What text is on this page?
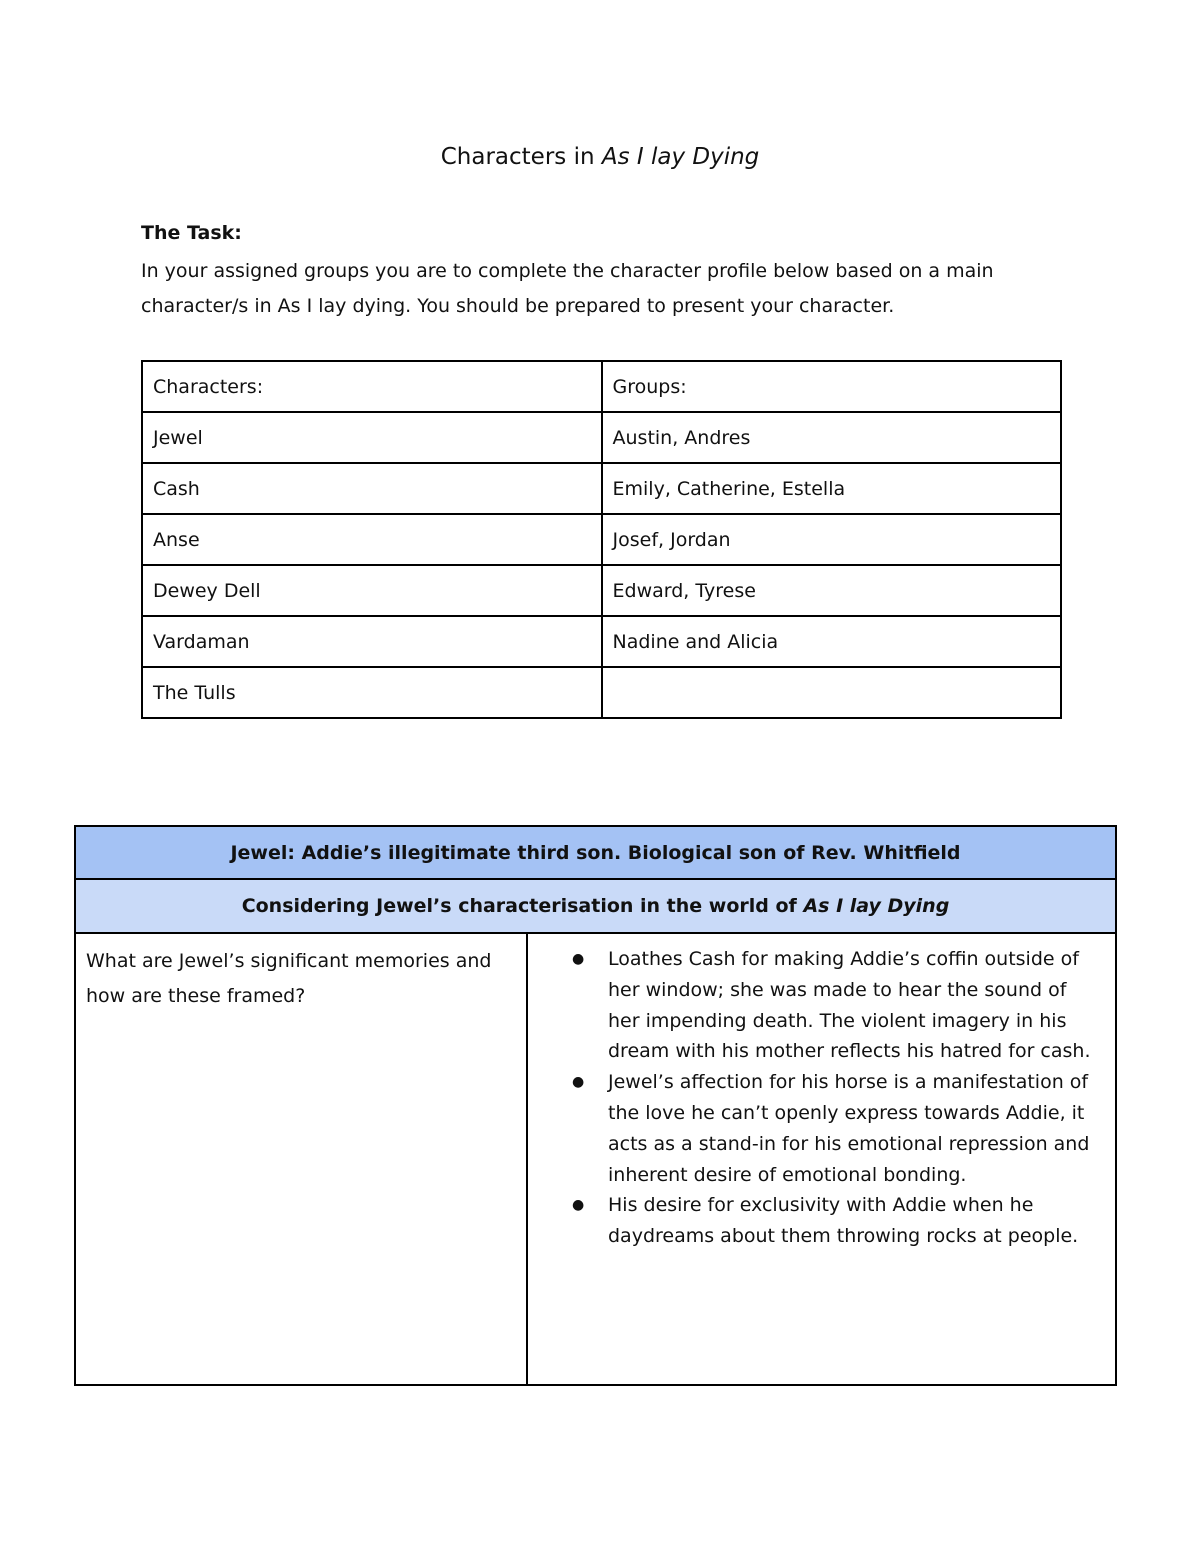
Characters in As I lay Dying
The Task:
In your assigned groups you are to complete the character profile below based on a main character/s in As I lay dying. You should be prepared to present your character.
Characters:	Groups:
Jewel	Austin, Andres
Cash	Emily, Catherine, Estella
Anse	Josef, Jordan
Dewey Dell	Edward, Tyrese
Vardaman	Nadine and Alicia
The Tulls	
Jewel: Addie’s illegitimate third son. Biological son of Rev. Whitfield
Considering Jewel’s characterisation in the world of As I lay Dying
What are Jewel’s significant memories and how are these framed?	
● Loathes Cash for making Addie’s coffin outside of her window; she was made to hear the sound of her impending death. The violent imagery in his dream with his mother reflects his hatred for cash.
● Jewel’s affection for his horse is a manifestation of the love he can’t openly express towards Addie, it acts as a stand-in for his emotional repression and inherent desire of emotional bonding.
● His desire for exclusivity with Addie when he daydreams about them throwing rocks at people.
